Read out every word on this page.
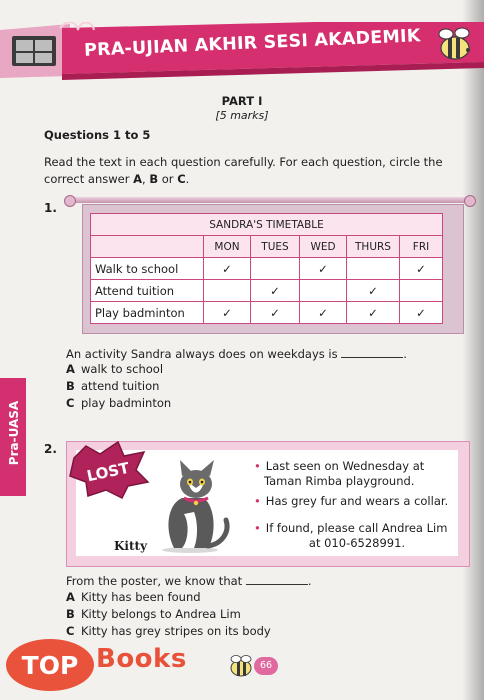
PRA-UJIAN AKHIR SESI AKADEMIK
PART I
[5 marks]
Questions 1 to 5
Read the text in each question carefully. For each question, circle the correct answer A, B or C.
1.
SANDRA'S TIMETABLE					
	MON	TUES	WED	THURS	FRI
Walk to school	✓		✓		✓
Attend tuition		✓		✓	
Play badminton	✓	✓	✓	✓	✓
An activity Sandra always does on weekdays is	.
A walk to school
B attend tuition
C play badminton
Pra-UASA 2.
LOST
Kitty
• Last seen on Wednesday at
Taman Rimba playground.
• Has grey fur and wears a collar.
• If found, please call Andrea Lim
at 010-6528991.
From the poster, we know that	.
A Kitty has been found
B Kitty belongs to Andrea Lim
C Kitty has grey stripes on its body
66
TOP Books
